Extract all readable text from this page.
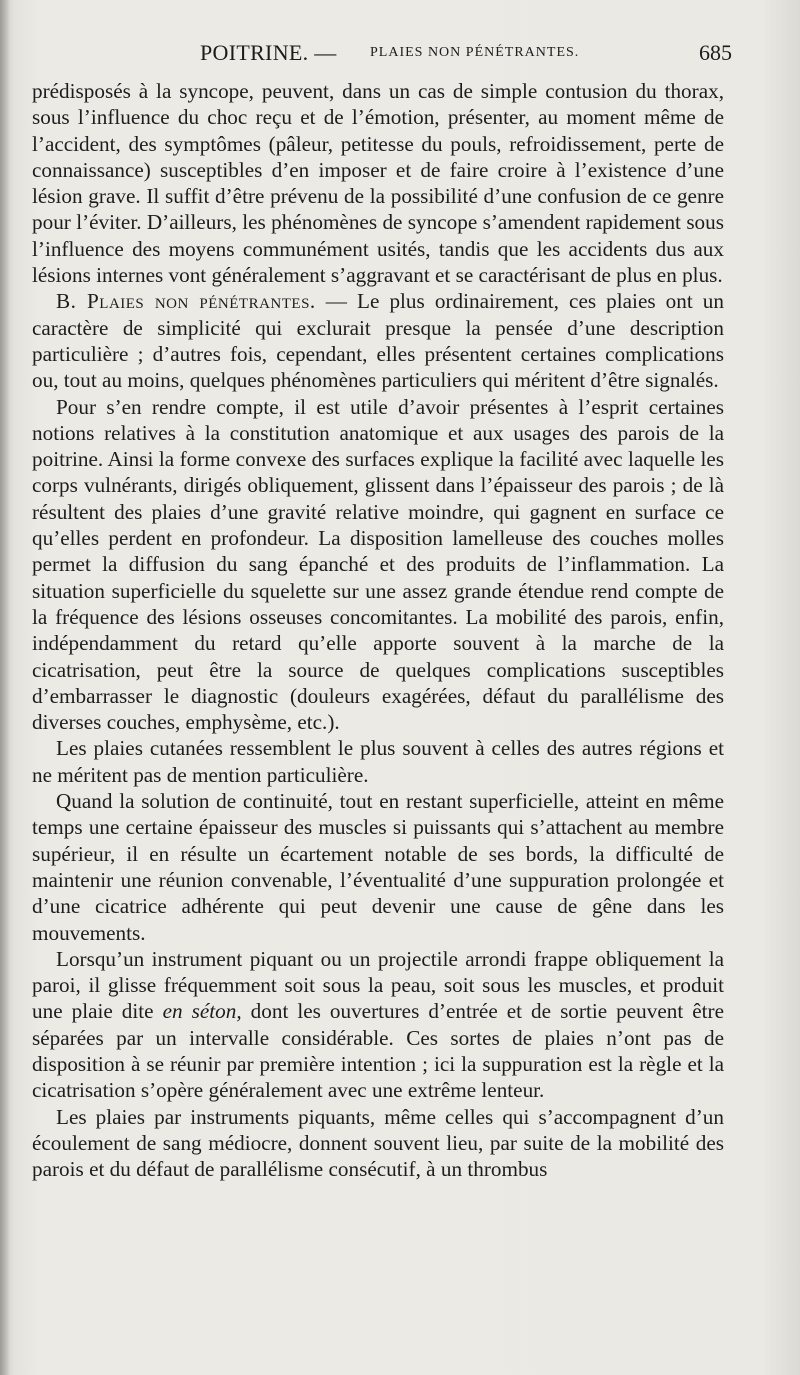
POITRINE. — PLAIES NON PÉNÉTRANTES.	685

prédisposés à la syncope, peuvent, dans un cas de simple contusion du thorax, sous l’influence du choc reçu et de l’émotion, présenter, au moment même de l’accident, des symptômes (pâleur, petitesse du pouls, refroidissement, perte de connaissance) susceptibles d’en imposer et de faire croire à l’existence d’une lésion grave. Il suffit d’être prévenu de la possibilité d’une confusion de ce genre pour l’éviter. D’ailleurs, les phénomènes de syncope s’amendent rapidement sous l’influence des moyens communément usités, tandis que les accidents dus aux lésions internes vont généralement s’aggravant et se caractérisant de plus en plus.

B. Plaies non pénétrantes. — Le plus ordinairement, ces plaies ont un caractère de simplicité qui exclurait presque la pensée d’une description particulière ; d’autres fois, cependant, elles présentent certaines complications ou, tout au moins, quelques phénomènes particuliers qui méritent d’être signalés.

Pour s’en rendre compte, il est utile d’avoir présentes à l’esprit certaines notions relatives à la constitution anatomique et aux usages des parois de la poitrine. Ainsi la forme convexe des surfaces explique la facilité avec laquelle les corps vulnérants, dirigés obliquement, glissent dans l’épaisseur des parois ; de là résultent des plaies d’une gravité relative moindre, qui gagnent en surface ce qu’elles perdent en profondeur. La disposition lamelleuse des couches molles permet la diffusion du sang épanché et des produits de l’inflammation. La situation superficielle du squelette sur une assez grande étendue rend compte de la fréquence des lésions osseuses concomitantes. La mobilité des parois, enfin, indépendamment du retard qu’elle apporte souvent à la marche de la cicatrisation, peut être la source de quelques complications susceptibles d’embarrasser le diagnostic (douleurs exagérées, défaut du parallélisme des diverses couches, emphysème, etc.).

Les plaies cutanées ressemblent le plus souvent à celles des autres régions et ne méritent pas de mention particulière.

Quand la solution de continuité, tout en restant superficielle, atteint en même temps une certaine épaisseur des muscles si puissants qui s’attachent au membre supérieur, il en résulte un écartement notable de ses bords, la difficulté de maintenir une réunion convenable, l’éventualité d’une suppuration prolongée et d’une cicatrice adhérente qui peut devenir une cause de gêne dans les mouvements.

Lorsqu’un instrument piquant ou un projectile arrondi frappe obliquement la paroi, il glisse fréquemment soit sous la peau, soit sous les muscles, et produit une plaie dite en séton, dont les ouvertures d’entrée et de sortie peuvent être séparées par un intervalle considérable. Ces sortes de plaies n’ont pas de disposition à se réunir par première intention ; ici la suppuration est la règle et la cicatrisation s’opère généralement avec une extrême lenteur.

Les plaies par instruments piquants, même celles qui s’accompagnent d’un écoulement de sang médiocre, donnent souvent lieu, par suite de la mobilité des parois et du défaut de parallélisme consécutif, à un thrombus
